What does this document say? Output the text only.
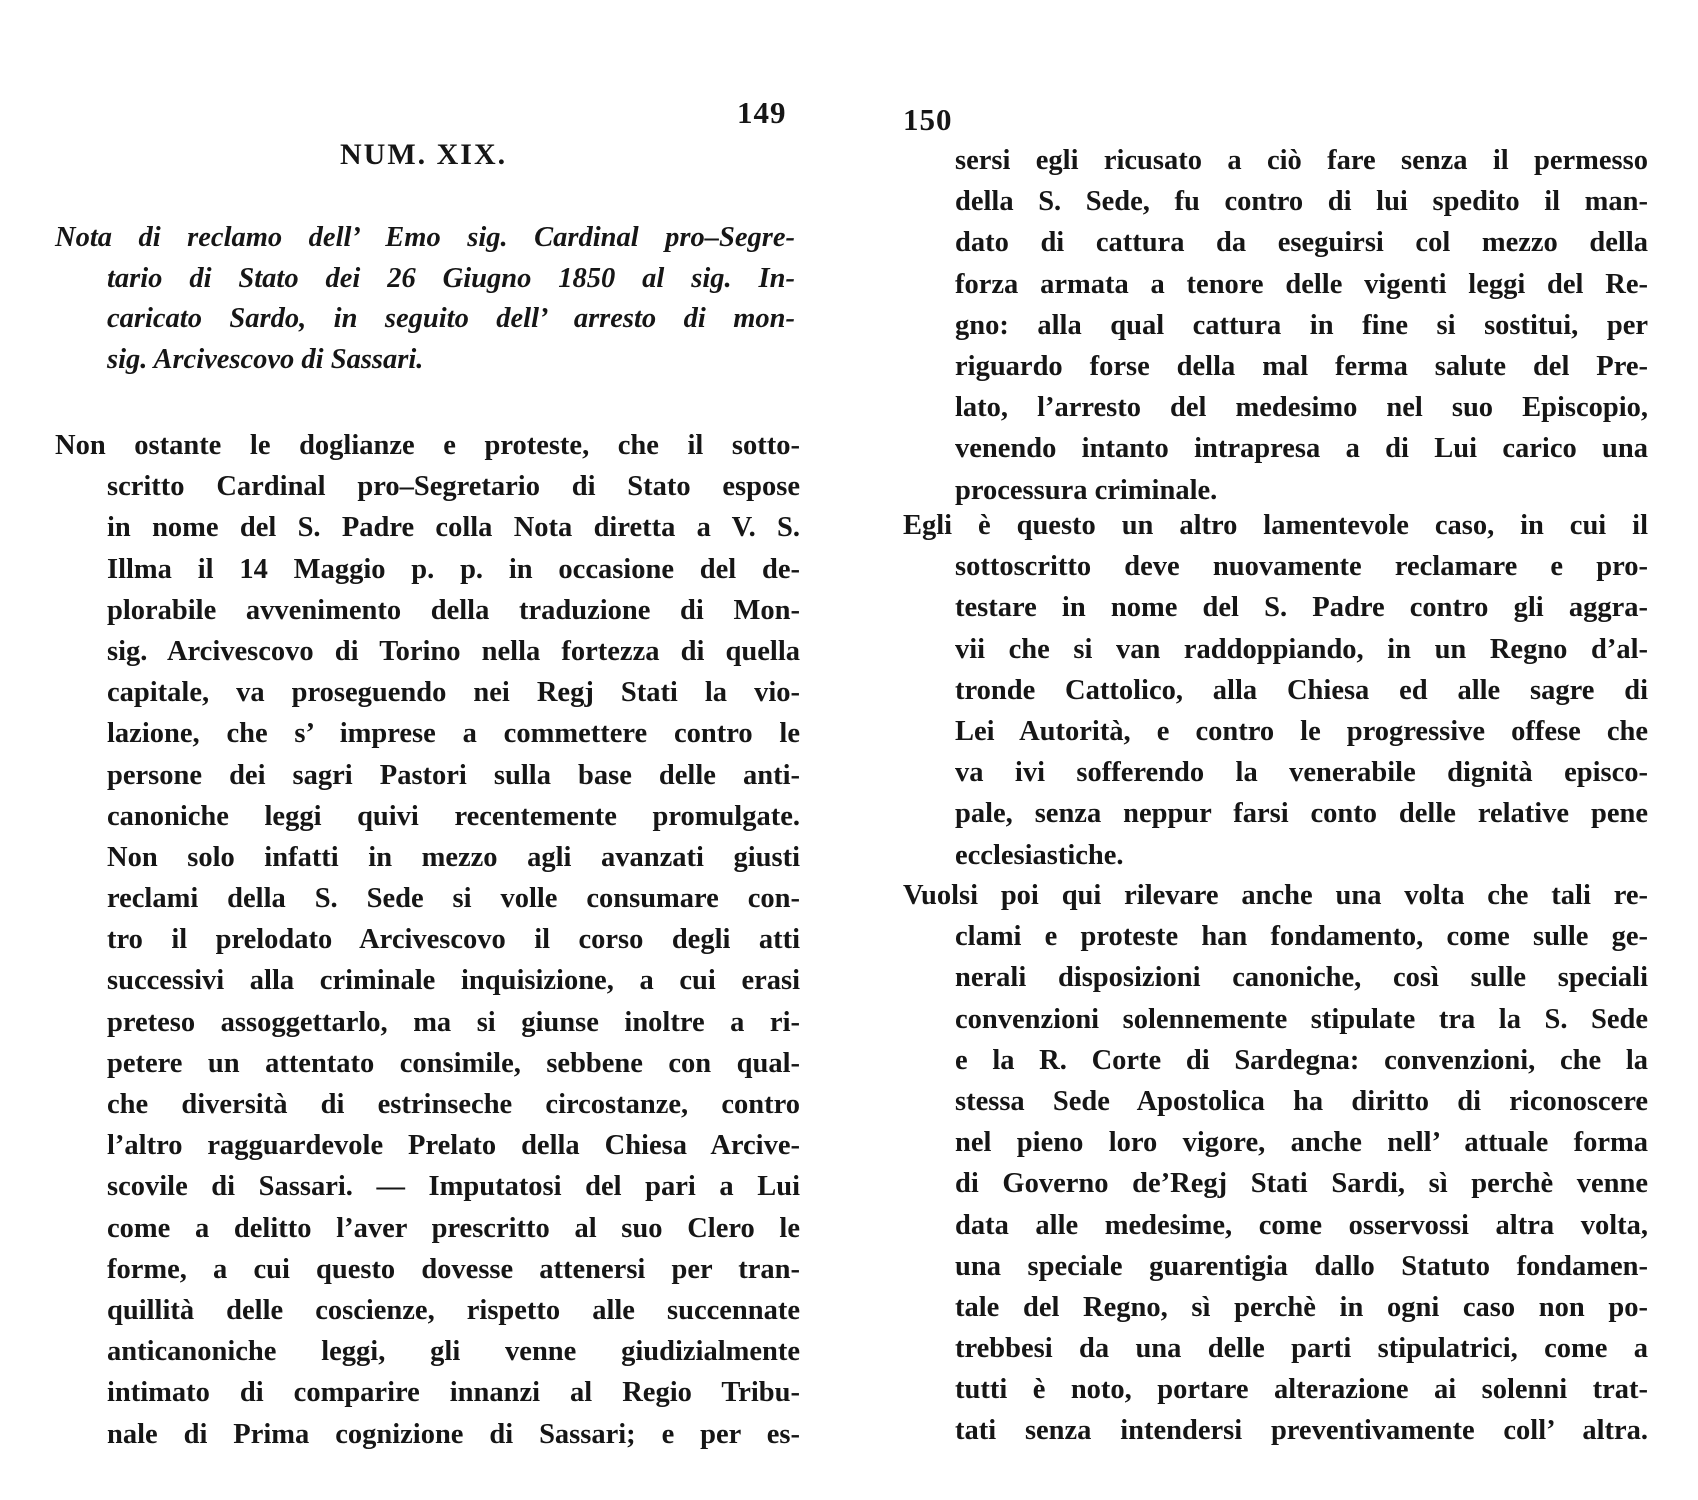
149
NUM. XIX.
Nota di reclamo dell’ Emo sig. Cardinal pro–Segre-
tario di Stato dei 26 Giugno 1850 al sig. In-
caricato Sardo, in seguito dell’ arresto di mon-
sig. Arcivescovo di Sassari.
Non ostante le doglianze e proteste, che il sotto-
scritto Cardinal pro–Segretario di Stato espose
in nome del S. Padre colla Nota diretta a V. S.
Illma il 14 Maggio p. p. in occasione del de-
plorabile avvenimento della traduzione di Mon-
sig. Arcivescovo di Torino nella fortezza di quella
capitale, va proseguendo nei Regj Stati la vio-
lazione, che s’ imprese a commettere contro le
persone dei sagri Pastori sulla base delle anti-
canoniche leggi quivi recentemente promulgate.
Non solo infatti in mezzo agli avanzati giusti
reclami della S. Sede si volle consumare con-
tro il prelodato Arcivescovo il corso degli atti
successivi alla criminale inquisizione, a cui erasi
preteso assoggettarlo, ma si giunse inoltre a ri-
petere un attentato consimile, sebbene con qual-
che diversità di estrinseche circostanze, contro
l’altro ragguardevole Prelato della Chiesa Arcive-
scovile di Sassari. — Imputatosi del pari a Lui
come a delitto l’aver prescritto al suo Clero le
forme, a cui questo dovesse attenersi per tran-
quillità delle coscienze, rispetto alle succennate
anticanoniche leggi, gli venne giudizialmente
intimato di comparire innanzi al Regio Tribu-
nale di Prima cognizione di Sassari; e per es-
150
sersi egli ricusato a ciò fare senza il permesso
della S. Sede, fu contro di lui spedito il man-
dato di cattura da eseguirsi col mezzo della
forza armata a tenore delle vigenti leggi del Re-
gno: alla qual cattura in fine si sostitui, per
riguardo forse della mal ferma salute del Pre-
lato, l’arresto del medesimo nel suo Episcopio,
venendo intanto intrapresa a di Lui carico una
processura criminale.
Egli è questo un altro lamentevole caso, in cui il
sottoscritto deve nuovamente reclamare e pro-
testare in nome del S. Padre contro gli aggra-
vii che si van raddoppiando, in un Regno d’al-
tronde Cattolico, alla Chiesa ed alle sagre di
Lei Autorità, e contro le progressive offese che
va ivi sofferendo la venerabile dignità episco-
pale, senza neppur farsi conto delle relative pene
ecclesiastiche.
Vuolsi poi qui rilevare anche una volta che tali re-
clami e proteste han fondamento, come sulle ge-
nerali disposizioni canoniche, così sulle speciali
convenzioni solennemente stipulate tra la S. Sede
e la R. Corte di Sardegna: convenzioni, che la
stessa Sede Apostolica ha diritto di riconoscere
nel pieno loro vigore, anche nell’ attuale forma
di Governo de’Regj Stati Sardi, sì perchè venne
data alle medesime, come osservossi altra volta,
una speciale guarentigia dallo Statuto fondamen-
tale del Regno, sì perchè in ogni caso non po-
trebbesi da una delle parti stipulatrici, come a
tutti è noto, portare alterazione ai solenni trat-
tati senza intendersi preventivamente coll’ altra.
